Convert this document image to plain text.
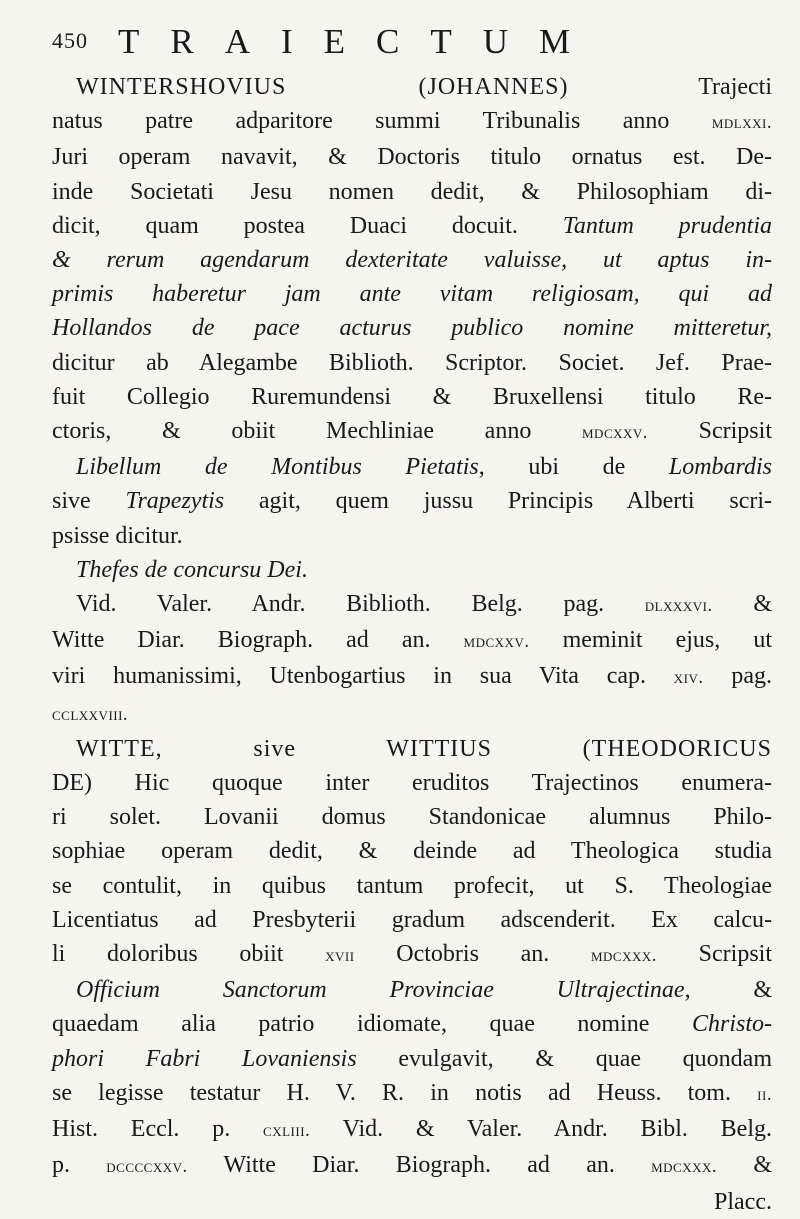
450 TRAIECTUM
WINTERSHOVIUS (JOHANNES) Trajecti
natus patre adparitore summi Tribunalis anno mdlxxi.
Juri operam navavit, & Doctoris titulo ornatus est. De-
inde Societati Jesu nomen dedit, & Philosophiam di-
dicit, quam postea Duaci docuit. Tantum prudentia
& rerum agendarum dexteritate valuisse, ut aptus in-
primis haberetur jam ante vitam religiosam, qui ad
Hollandos de pace acturus publico nomine mitteretur,
dicitur ab Alegambe Biblioth. Scriptor. Societ. Jef. Prae-
fuit Collegio Ruremundensi & Bruxellensi titulo Re-
ctoris, & obiit Mechliniae anno mdcxxv. Scripsit
Libellum de Montibus Pietatis, ubi de Lombardis
sive Trapezytis agit, quem jussu Principis Alberti scri-
psisse dicitur.
Thefes de concursu Dei.
Vid. Valer. Andr. Biblioth. Belg. pag. dlxxxvi. &
Witte Diar. Biograph. ad an. mdcxxv. meminit ejus, ut
viri humanissimi, Utenbogartius in sua Vita cap. xiv. pag.
cclxxviii.
WITTE, sive WITTIUS (THEODORICUS
DE) Hic quoque inter eruditos Trajectinos enumera-
ri solet. Lovanii domus Standonicae alumnus Philo-
sophiae operam dedit, & deinde ad Theologica studia
se contulit, in quibus tantum profecit, ut S. Theologiae
Licentiatus ad Presbyterii gradum adscenderit. Ex calcu-
li doloribus obiit xvii Octobris an. mdcxxx. Scripsit
Officium Sanctorum Provinciae Ultrajectinae, &
quaedam alia patrio idiomate, quae nomine Christo-
phori Fabri Lovaniensis evulgavit, & quae quondam
se legisse testatur H. V. R. in notis ad Heuss. tom. ii.
Hist. Eccl. p. cxliii. Vid. & Valer. Andr. Bibl. Belg.
p. dccccxxv. Witte Diar. Biograph. ad an. mdcxxx. &
Placc.
